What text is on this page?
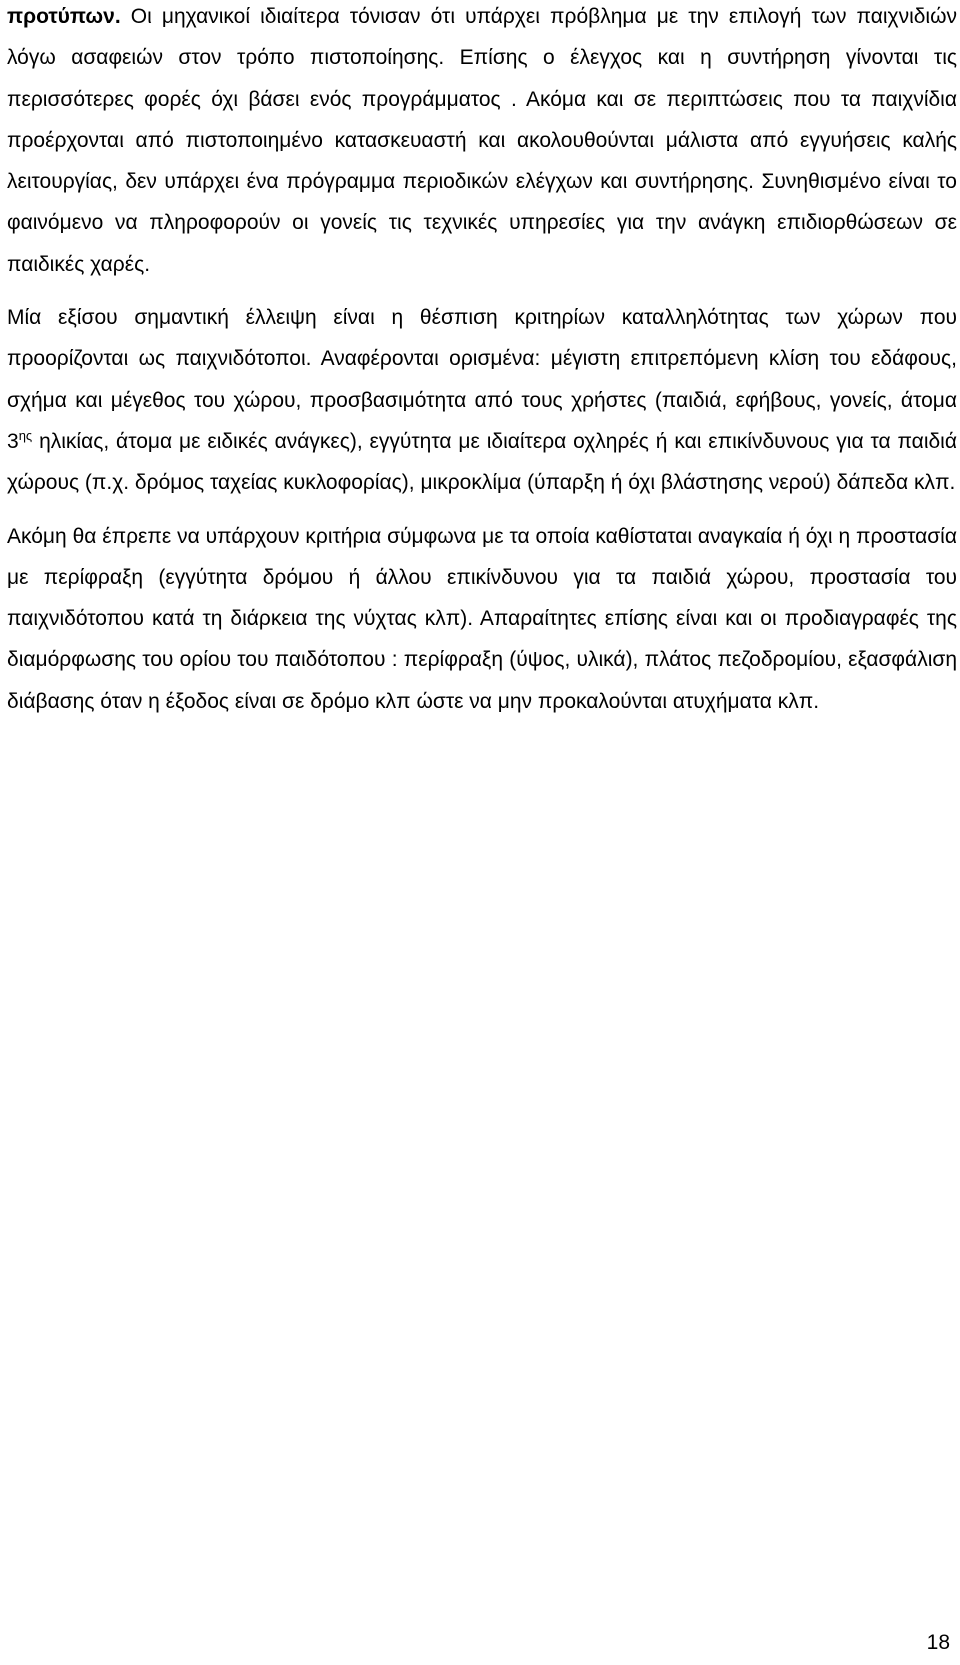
προτύπων. Οι μηχανικοί ιδιαίτερα τόνισαν ότι υπάρχει πρόβλημα με την επιλογή των παιχνιδιών λόγω ασαφειών στον τρόπο πιστοποίησης. Επίσης ο έλεγχος και η συντήρηση γίνονται τις περισσότερες φορές όχι βάσει ενός προγράμματος . Ακόμα και σε περιπτώσεις που τα παιχνίδια προέρχονται από πιστοποιημένο κατασκευαστή και ακολουθούνται μάλιστα από εγγυήσεις καλής λειτουργίας, δεν υπάρχει ένα πρόγραμμα περιοδικών ελέγχων και συντήρησης. Συνηθισμένο είναι το φαινόμενο να πληροφορούν οι γονείς τις τεχνικές υπηρεσίες για την ανάγκη επιδιορθώσεων σε παιδικές χαρές.

Μία εξίσου σημαντική έλλειψη είναι η θέσπιση κριτηρίων καταλληλότητας των χώρων που προορίζονται ως παιχνιδότοποι. Αναφέρονται ορισμένα: μέγιστη επιτρεπόμενη κλίση του εδάφους, σχήμα και μέγεθος του χώρου, προσβασιμότητα από τους χρήστες (παιδιά, εφήβους, γονείς, άτομα $3^{\eta\varsigma}$ ηλικίας, άτομα με ειδικές ανάγκες), εγγύτητα με ιδιαίτερα οχληρές ή και επικίνδυνους για τα παιδιά χώρους (π.χ. δρόμος ταχείας κυκλοφορίας), μικροκλίμα (ύπαρξη ή όχι βλάστησης νερού) δάπεδα κλπ.

Ακόμη θα έπρεπε να υπάρχουν κριτήρια σύμφωνα με τα οποία καθίσταται αναγκαία ή όχι η προστασία με περίφραξη (εγγύτητα δρόμου ή άλλου επικίνδυνου για τα παιδιά χώρου, προστασία του παιχνιδότοπου κατά τη διάρκεια της νύχτας κλπ). Απαραίτητες επίσης είναι και οι προδιαγραφές της διαμόρφωσης του ορίου του παιδότοπου : περίφραξη (ύψος, υλικά), πλάτος πεζοδρομίου, εξασφάλιση διάβασης όταν η έξοδος είναι σε δρόμο κλπ ώστε να μην προκαλούνται ατυχήματα κλπ.

18
